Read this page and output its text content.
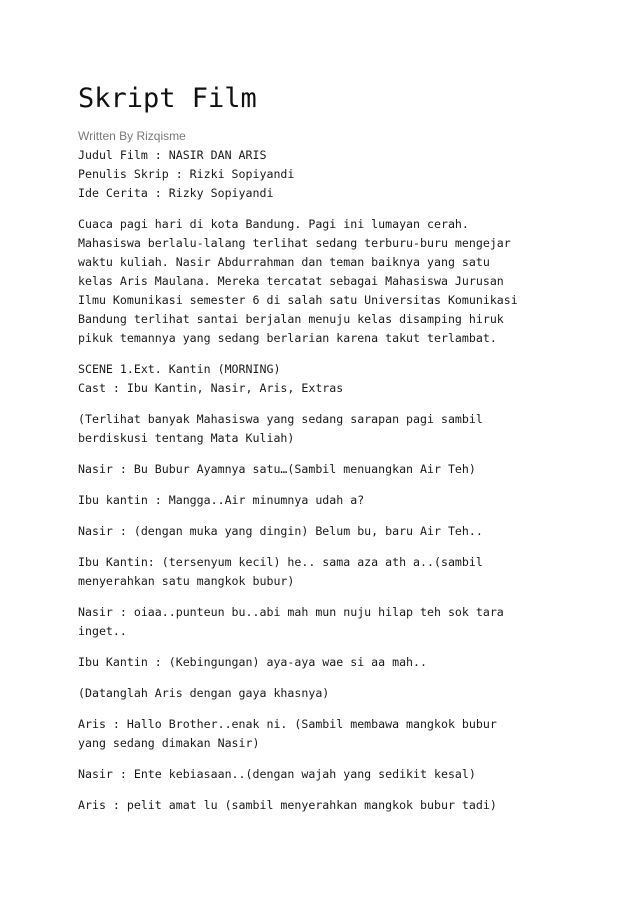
Skript Film
Written By Rizqisme
Judul Film : NASIR DAN ARIS
Penulis Skrip : Rizki Sopiyandi
Ide Cerita : Rizky Sopiyandi
Cuaca pagi hari di kota Bandung. Pagi ini lumayan cerah.
Mahasiswa berlalu-lalang terlihat sedang terburu-buru mengejar
waktu kuliah. Nasir Abdurrahman dan teman baiknya yang satu
kelas Aris Maulana. Mereka tercatat sebagai Mahasiswa Jurusan
Ilmu Komunikasi semester 6 di salah satu Universitas Komunikasi
Bandung terlihat santai berjalan menuju kelas disamping hiruk
pikuk temannya yang sedang berlarian karena takut terlambat.
SCENE 1.Ext. Kantin (MORNING)
Cast : Ibu Kantin, Nasir, Aris, Extras
(Terlihat banyak Mahasiswa yang sedang sarapan pagi sambil
berdiskusi tentang Mata Kuliah)
Nasir : Bu Bubur Ayamnya satu…(Sambil menuangkan Air Teh)
Ibu kantin : Mangga..Air minumnya udah a?
Nasir : (dengan muka yang dingin) Belum bu, baru Air Teh..
Ibu Kantin: (tersenyum kecil) he.. sama aza ath a..(sambil
menyerahkan satu mangkok bubur)
Nasir : oiaa..punteun bu..abi mah mun nuju hilap teh sok tara
inget..
Ibu Kantin : (Kebingungan) aya-aya wae si aa mah..
(Datanglah Aris dengan gaya khasnya)
Aris : Hallo Brother..enak ni. (Sambil membawa mangkok bubur
yang sedang dimakan Nasir)
Nasir : Ente kebiasaan..(dengan wajah yang sedikit kesal)
Aris : pelit amat lu (sambil menyerahkan mangkok bubur tadi)
